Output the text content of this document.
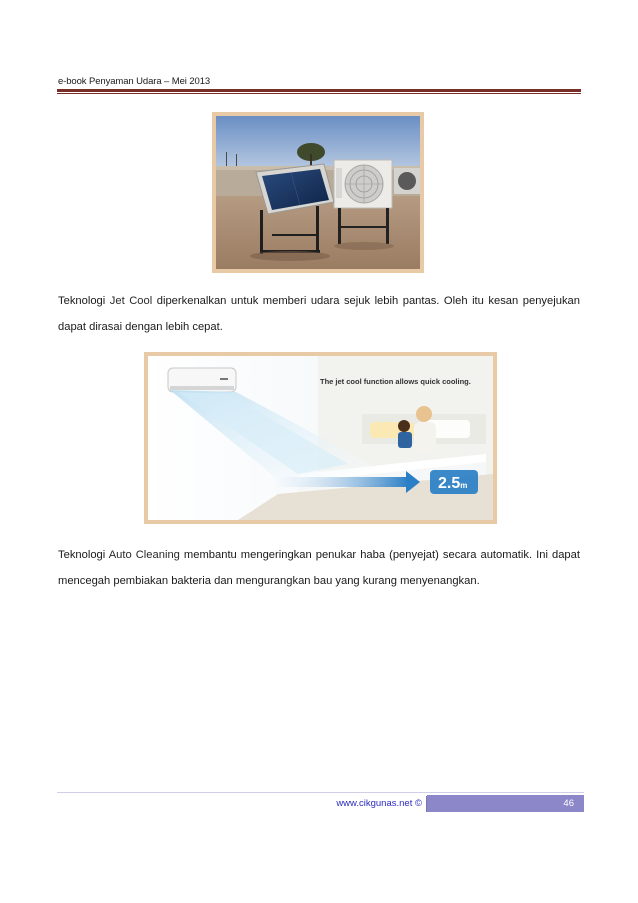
e-book Penyaman Udara – Mei 2013
Teknologi Jet Cool diperkenalkan untuk memberi udara sejuk lebih pantas. Oleh itu kesan penyejukan dapat dirasai dengan lebih cepat.
2.5m
The jet cool function allows quick cooling.
Teknologi Auto Cleaning membantu mengeringkan penukar haba (penyejat) secara automatik. Ini dapat mencegah pembiakan bakteria dan mengurangkan bau yang kurang menyenangkan.
www.cikgunas.net ©	46
